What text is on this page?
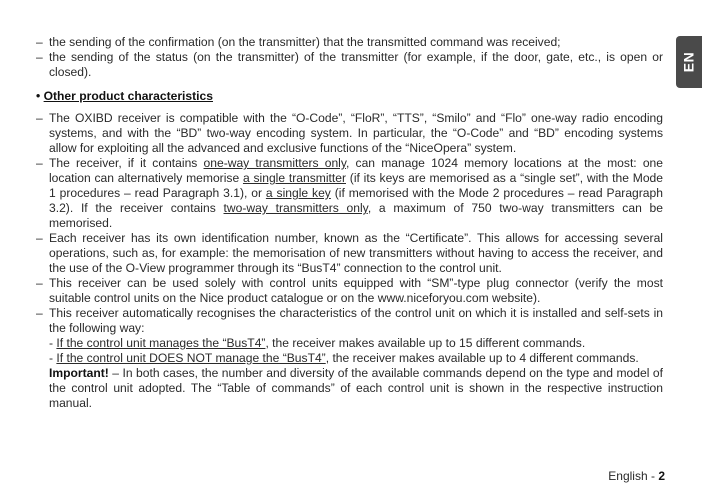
– the sending of the confirmation (on the transmitter) that the transmitted command was received;
– the sending of the status (on the transmitter) of the transmitter (for example, if the door, gate, etc., is open or closed).
• Other product characteristics
– The OXIBD receiver is compatible with the “O-Code”, “FloR”, “TTS”, “Smilo” and “Flo” one-way radio encoding systems, and with the “BD” two-way encoding system. In particular, the “O-Code” and “BD” encoding systems allow for exploiting all the advanced and exclusive functions of the “NiceOpera” system.
– The receiver, if it contains one-way transmitters only, can manage 1024 memory locations at the most: one location can alternatively memorise a single transmitter (if its keys are memorised as a “single set”, with the Mode 1 procedures – read Paragraph 3.1), or a single key (if memorised with the Mode 2 procedures – read Paragraph 3.2). If the receiver contains two-way transmitters only, a maximum of 750 two-way transmitters can be memorised.
– Each receiver has its own identification number, known as the “Certificate”. This allows for accessing several operations, such as, for example: the memorisation of new transmitters without having to access the receiver, and the use of the O-View programmer through its “BusT4” connection to the control unit.
– This receiver can be used solely with control units equipped with “SM”-type plug connector (verify the most suitable control units on the Nice product catalogue or on the www.niceforyou.com website).
– This receiver automatically recognises the characteristics of the control unit on which it is installed and self-sets in the following way:
- If the control unit manages the “BusT4”, the receiver makes available up to 15 different commands.
- If the control unit DOES NOT manage the “BusT4”, the receiver makes available up to 4 different commands.
Important! – In both cases, the number and diversity of the available commands depend on the type and model of the control unit adopted. The “Table of commands” of each control unit is shown in the respective instruction manual.
EN
English - 2
